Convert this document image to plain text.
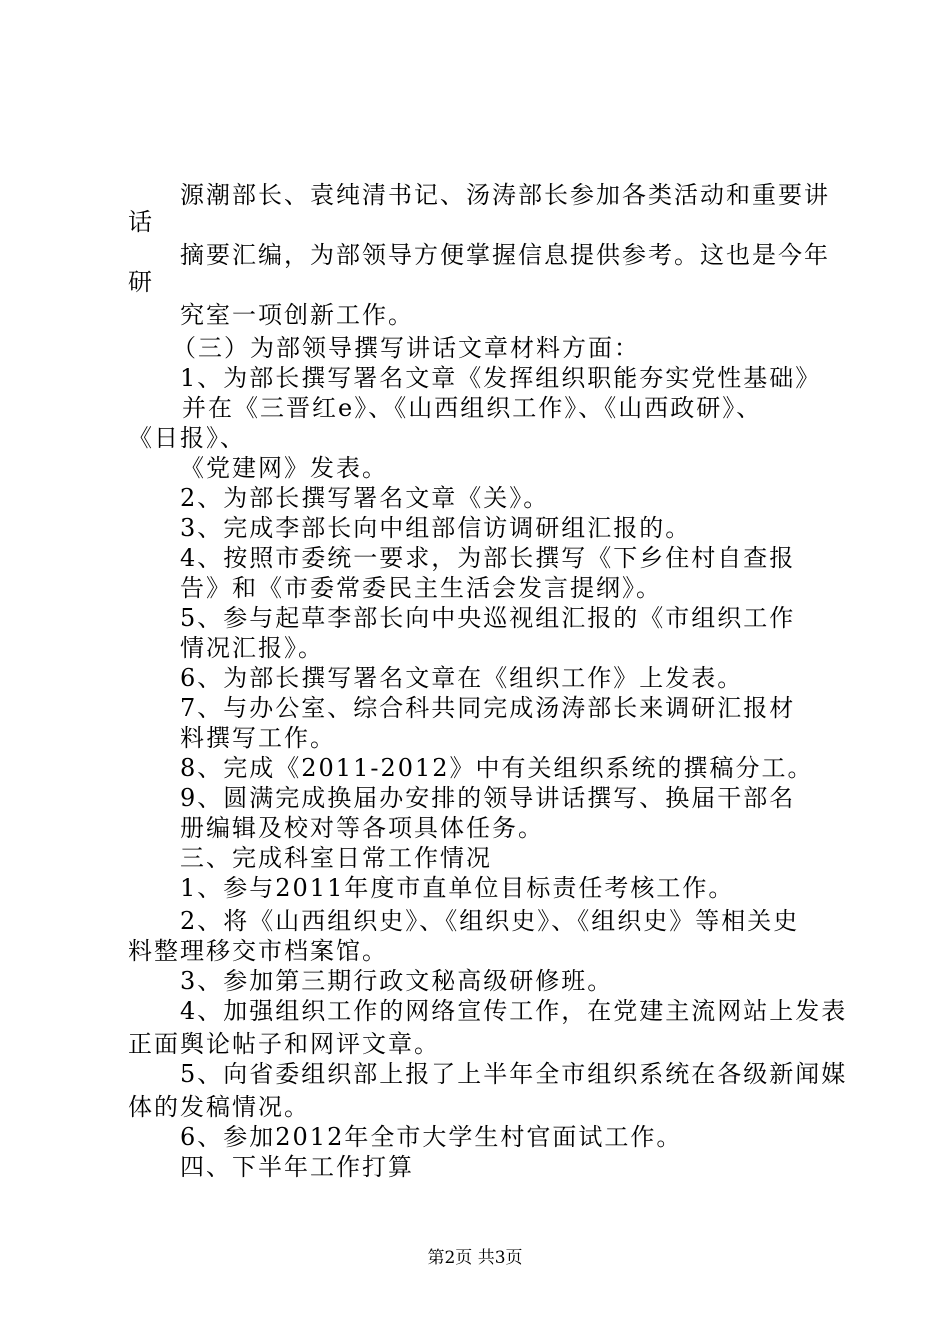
源潮部长、袁纯清书记、汤涛部长参加各类活动和重要讲
话
摘要汇编，为部领导方便掌握信息提供参考。这也是今年
研
究室一项创新工作。
（三）为部领导撰写讲话文章材料方面：
1、为部长撰写署名文章《发挥组织职能夯实党性基础》
并在《三晋红e》、《山西组织工作》、《山西政研》、
《日报》、
《党建网》发表。
2、为部长撰写署名文章《关》。
3、完成李部长向中组部信访调研组汇报的。
4、按照市委统一要求，为部长撰写《下乡住村自查报
告》和《市委常委民主生活会发言提纲》。
5、参与起草李部长向中央巡视组汇报的《市组织工作
情况汇报》。
6、为部长撰写署名文章在《组织工作》上发表。
7、与办公室、综合科共同完成汤涛部长来调研汇报材
料撰写工作。
8、完成《2011-2012》中有关组织系统的撰稿分工。
9、圆满完成换届办安排的领导讲话撰写、换届干部名
册编辑及校对等各项具体任务。
三、完成科室日常工作情况
1、参与2011年度市直单位目标责任考核工作。
2、将《山西组织史》、《组织史》、《组织史》等相关史
料整理移交市档案馆。
3、参加第三期行政文秘高级研修班。
4、加强组织工作的网络宣传工作，在党建主流网站上发表
正面舆论帖子和网评文章。
5、向省委组织部上报了上半年全市组织系统在各级新闻媒
体的发稿情况。
6、参加2012年全市大学生村官面试工作。
四、下半年工作打算
第2页 共3页
